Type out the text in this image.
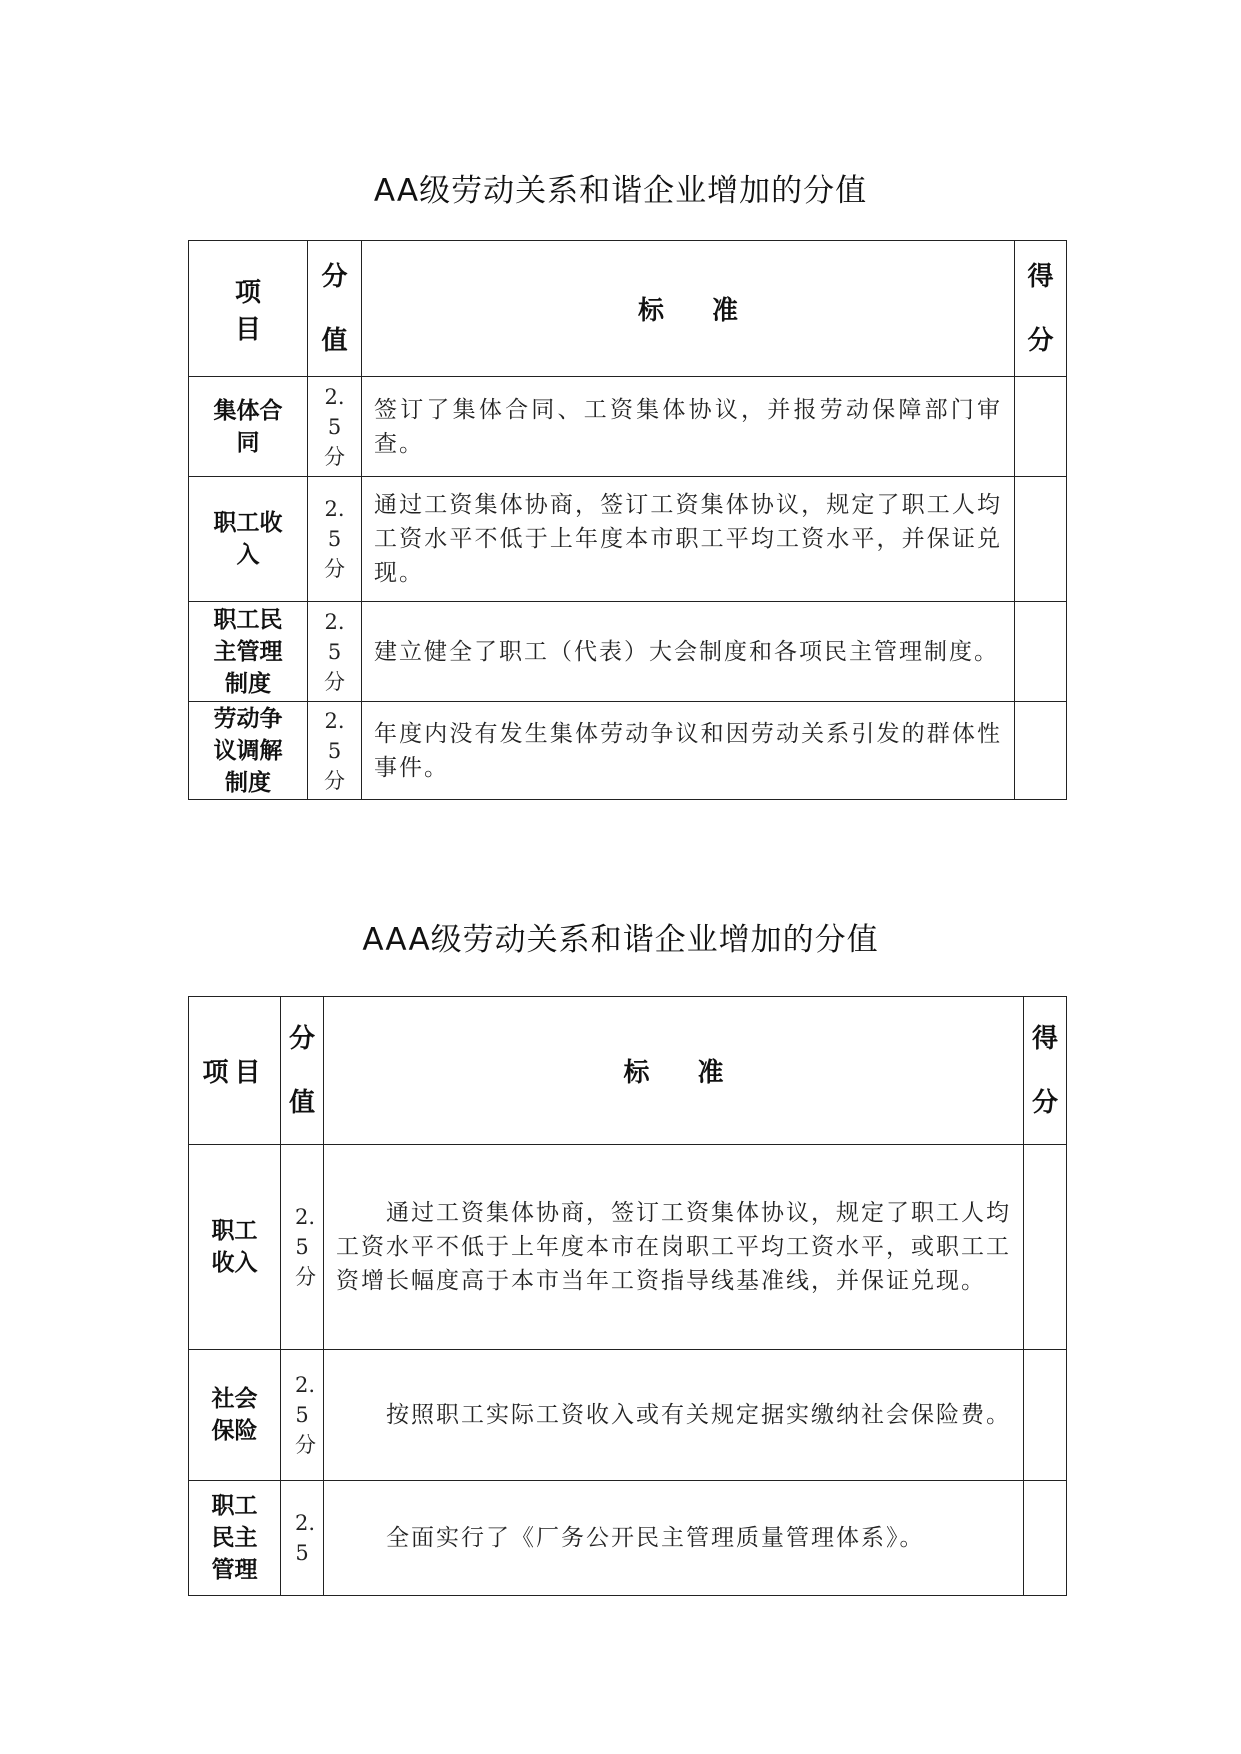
AA级劳动关系和谐企业增加的分值
项目	分值	标准	得分

集体合同	2.5分	签订了集体合同、工资集体协议，并报劳动保障部门审查。	
职工收入	2.5分	通过工资集体协商，签订工资集体协议，规定了职工人均工资水平不低于上年度本市职工平均工资水平，并保证兑现。	
职工民主管理制度	2.5分	建立健全了职工（代表）大会制度和各项民主管理制度。	
劳动争议调解制度	2.5分	年度内没有发生集体劳动争议和因劳动关系引发的群体性事件。	
AAA级劳动关系和谐企业增加的分值
项目	分值	标准	得分

职工收入	2.5分	通过工资集体协商，签订工资集体协议，规定了职工人均工资水平不低于上年度本市在岗职工平均工资水平，或职工工资增长幅度高于本市当年工资指导线基准线，并保证兑现。	
社会保险	2.5分	按照职工实际工资收入或有关规定据实缴纳社会保险费。	
职工民主管理	2.5	全面实行了《厂务公开民主管理质量管理体系》。	
